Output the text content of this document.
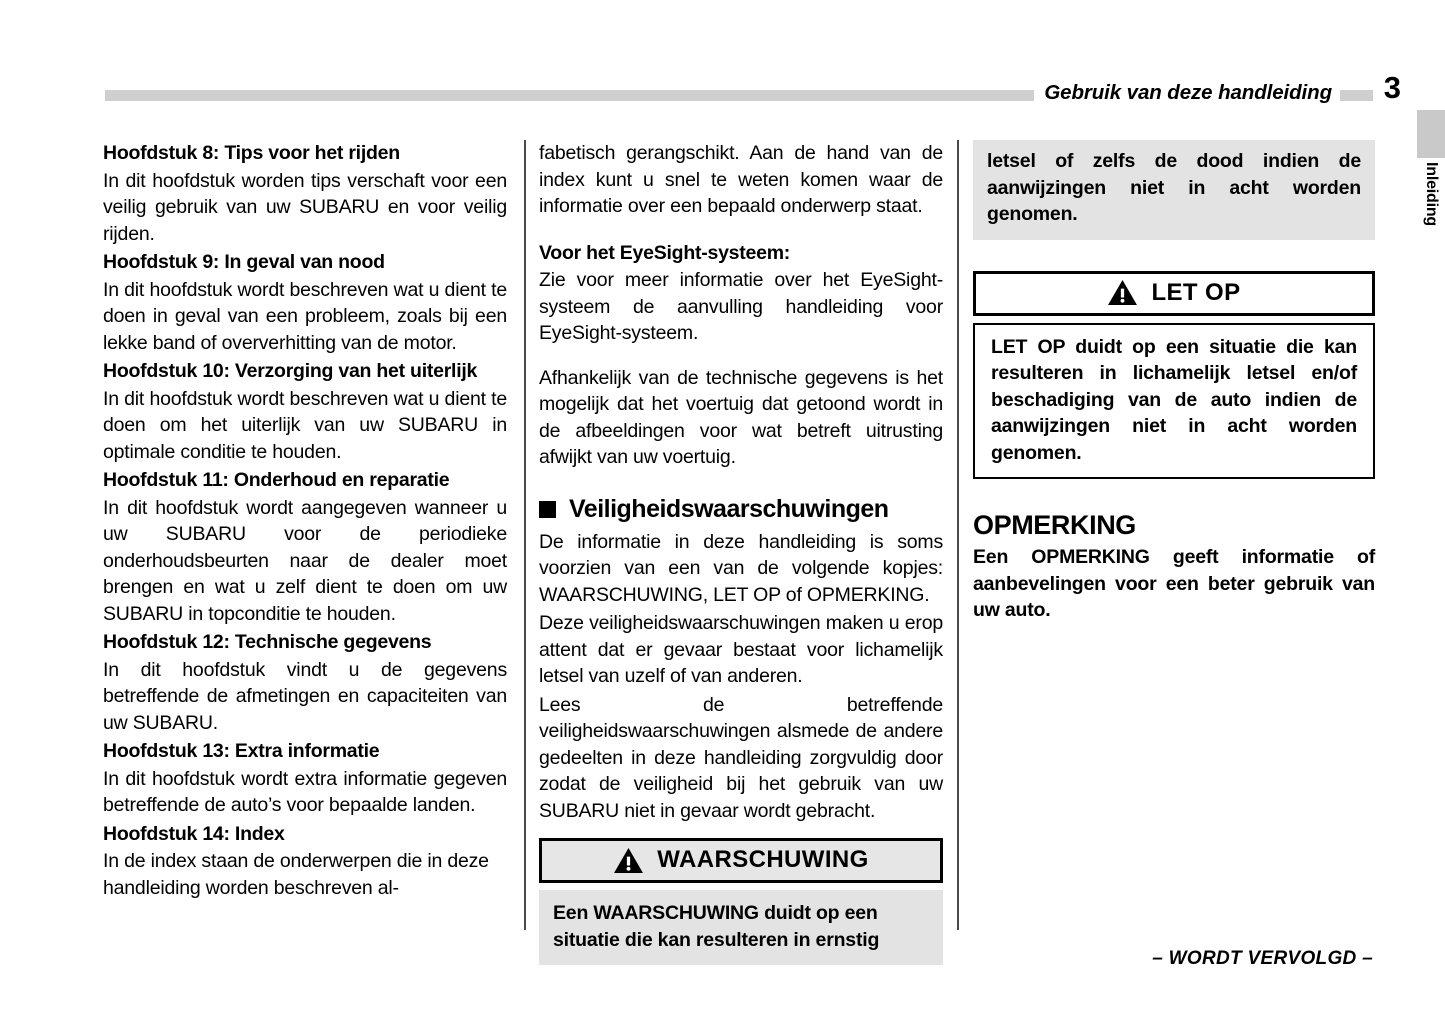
Gebruik van deze handleiding 3
Inleiding
Hoofdstuk 8: Tips voor het rijden

In dit hoofdstuk worden tips verschaft voor een veilig gebruik van uw SUBARU en voor veilig rijden.

Hoofdstuk 9: In geval van nood

In dit hoofdstuk wordt beschreven wat u dient te doen in geval van een probleem, zoals bij een lekke band of oververhitting van de motor.

Hoofdstuk 10: Verzorging van het uiterlijk

In dit hoofdstuk wordt beschreven wat u dient te doen om het uiterlijk van uw SUBARU in optimale conditie te houden.

Hoofdstuk 11: Onderhoud en reparatie

In dit hoofdstuk wordt aangegeven wanneer u uw SUBARU voor de periodieke onderhoudsbeurten naar de dealer moet brengen en wat u zelf dient te doen om uw SUBARU in topconditie te houden.

Hoofdstuk 12: Technische gegevens

In dit hoofdstuk vindt u de gegevens betreffende de afmetingen en capaciteiten van uw SUBARU.

Hoofdstuk 13: Extra informatie

In dit hoofdstuk wordt extra informatie gegeven betreffende de auto’s voor bepaalde landen.

Hoofdstuk 14: Index

In de index staan de onderwerpen die in deze handleiding worden beschreven al-

fabetisch gerangschikt. Aan de hand van de index kunt u snel te weten komen waar de informatie over een bepaald onderwerp staat.

Voor het EyeSight-systeem:

Zie voor meer informatie over het EyeSight-systeem de aanvulling handleiding voor EyeSight-systeem.

Afhankelijk van de technische gegevens is het mogelijk dat het voertuig dat getoond wordt in de afbeeldingen voor wat betreft uitrusting afwijkt van uw voertuig.

Veiligheidswaarschuwingen

De informatie in deze handleiding is soms voorzien van een van de volgende kopjes: WAARSCHUWING, LET OP of OPMERKING.

Deze veiligheidswaarschuwingen maken u erop attent dat er gevaar bestaat voor lichamelijk letsel van uzelf of van anderen.

Lees de betreffende veiligheidswaarschuwingen alsmede de andere gedeelten in deze handleiding zorgvuldig door zodat de veiligheid bij het gebruik van uw SUBARU niet in gevaar wordt gebracht.

WAARSCHUWING

Een WAARSCHUWING duidt op een situatie die kan resulteren in ernstig

letsel of zelfs de dood indien de aanwijzingen niet in acht worden genomen.

LET OP

LET OP duidt op een situatie die kan resulteren in lichamelijk letsel en/of beschadiging van de auto indien de aanwijzingen niet in acht worden genomen.

OPMERKING

Een OPMERKING geeft informatie of aanbevelingen voor een beter gebruik van uw auto.

– WORDT VERVOLGD –
